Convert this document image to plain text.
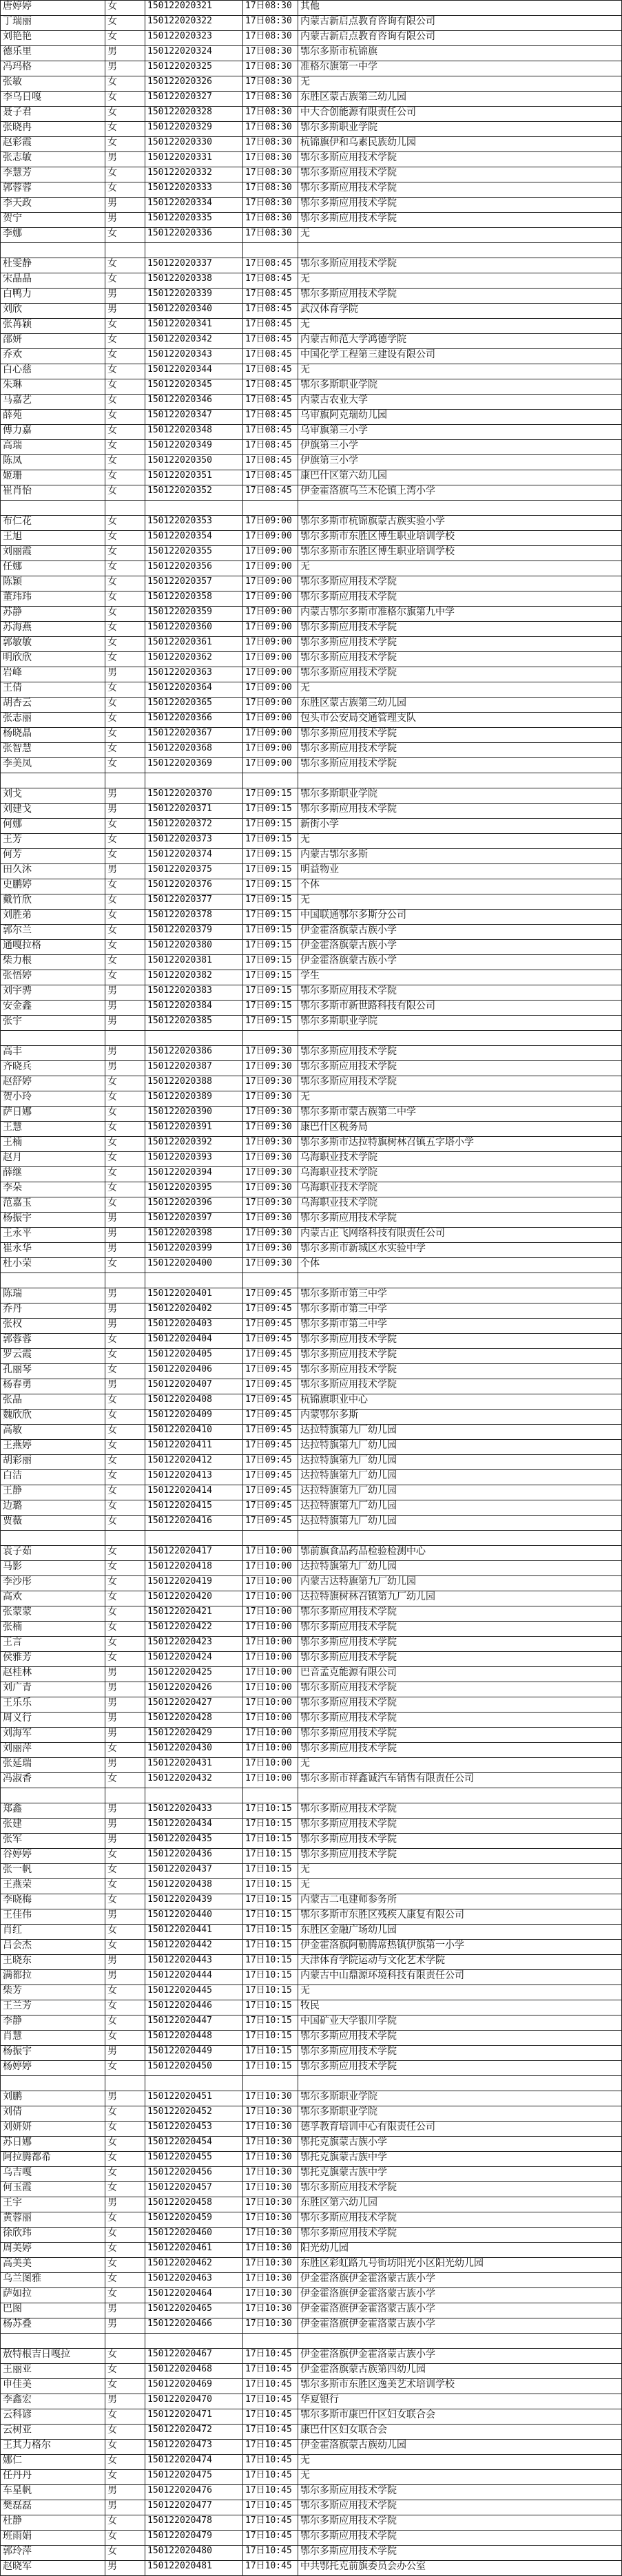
唐婷婷	女	150122020321	17日08:30 其他
丁瑞丽	女	150122020322	17日08:30 内蒙古新启点教育咨询有限公司
刘艳艳	女	150122020323	17日08:30 内蒙古新启点教育咨询有限公司
德乐里	男	150122020324	17日08:30 鄂尔多斯市杭锦旗
冯玛格	男	150122020325	17日08:30 准格尔旗第一中学
张敏	女	150122020326	17日08:30 无
李乌日嘎	女	150122020327	17日08:30 东胜区蒙古族第三幼儿园
聂子君	女	150122020328	17日08:30 中大合创能源有限责任公司
张晓冉	女	150122020329	17日08:30 鄂尔多斯职业学院
赵彩霞	女	150122020330	17日08:30 杭锦旗伊和乌素民族幼儿园
张志敏	男	150122020331	17日08:30 鄂尔多斯应用技术学院
李慧芳	女	150122020332	17日08:30 鄂尔多斯应用技术学院
郭蓉蓉	女	150122020333	17日08:30 鄂尔多斯应用技术学院
李天政	男	150122020334	17日08:30 鄂尔多斯应用技术学院
贺宁	男	150122020335	17日08:30 鄂尔多斯应用技术学院
李娜	女	150122020336	17日08:30 无
杜雯静	女	150122020337	17日08:45 鄂尔多斯应用技术学院
宋晶晶	女	150122020338	17日08:45 无
白鸭力	男	150122020339	17日08:45 鄂尔多斯应用技术学院
刘欣	男	150122020340	17日08:45 武汉体育学院
张苒颖	女	150122020341	17日08:45 无
邵妍	女	150122020342	17日08:45 内蒙古师范大学鸿德学院
乔欢	女	150122020343	17日08:45 中国化学工程第三建设有限公司
白心慈	女	150122020344	17日08:45 无
朱琳	女	150122020345	17日08:45 鄂尔多斯职业学院
马嘉艺	女	150122020346	17日08:45 内蒙古农业大学
薛苑	女	150122020347	17日08:45 乌审旗阿克瑞幼儿园
傅力嘉	女	150122020348	17日08:45 乌审旗第三小学
高瑞	女	150122020349	17日08:45 伊旗第三小学
陈凤	女	150122020350	17日08:45 伊旗第三小学
姬珊	女	150122020351	17日08:45 康巴什区第六幼儿园
崔肖怡	女	150122020352	17日08:45 伊金霍洛旗乌兰木伦镇上湾小学
布仁花	女	150122020353	17日09:00 鄂尔多斯市杭锦旗蒙古族实验小学
王旭	女	150122020354	17日09:00 鄂尔多斯市东胜区博生职业培训学校
刘丽霞	女	150122020355	17日09:00 鄂尔多斯市东胜区博生职业培训学校
任娜	女	150122020356	17日09:00 无
陈颖	女	150122020357	17日09:00 鄂尔多斯应用技术学院
董玮玮	女	150122020358	17日09:00 鄂尔多斯应用技术学院
苏静	女	150122020359	17日09:00 内蒙古鄂尔多斯市准格尔旗第九中学
苏海燕	女	150122020360	17日09:00 鄂尔多斯应用技术学院
郭敏敏	女	150122020361	17日09:00 鄂尔多斯应用技术学院
明欣欣	女	150122020362	17日09:00 鄂尔多斯应用技术学院
岩峰	男	150122020363	17日09:00 鄂尔多斯应用技术学院
王倩	女	150122020364	17日09:00 无
胡杏云	女	150122020365	17日09:00 东胜区蒙古族第三幼儿园
张志丽	女	150122020366	17日09:00 包头市公安局交通管理支队
杨晓晶	女	150122020367	17日09:00 鄂尔多斯应用技术学院
张智慧	女	150122020368	17日09:00 鄂尔多斯应用技术学院
李美凤	女	150122020369	17日09:00 鄂尔多斯应用技术学院
刘戈	男	150122020370	17日09:15 鄂尔多斯职业学院
刘建戈	男	150122020371	17日09:15 鄂尔多斯应用技术学院
何娜	女	150122020372	17日09:15 新街小学
王芳	女	150122020373	17日09:15 无
何芳	女	150122020374	17日09:15 内蒙古鄂尔多斯
田久沐	男	150122020375	17日09:15 明益物业
史鹏婷	女	150122020376	17日09:15 个体
戴竹欣	女	150122020377	17日09:15 无
刘胜弟	女	150122020378	17日09:15 中国联通鄂尔多斯分公司
郭尔兰	女	150122020379	17日09:15 伊金霍洛旗蒙古族小学
通嘎拉格	女	150122020380	17日09:15 伊金霍洛旗蒙古族小学
柴力根	女	150122020381	17日09:15 伊金霍洛旗蒙古族小学
张悟婷	女	150122020382	17日09:15 学生
刘宇骋	男	150122020383	17日09:15 鄂尔多斯应用技术学院
安金鑫	男	150122020384	17日09:15 鄂尔多斯市新世路科技有限公司
张宇	男	150122020385	17日09:15 鄂尔多斯职业学院
高丰	男	150122020386	17日09:30 鄂尔多斯应用技术学院
齐晓兵	男	150122020387	17日09:30 鄂尔多斯应用技术学院
赵舒婷	女	150122020388	17日09:30 鄂尔多斯应用技术学院
贺小玲	女	150122020389	17日09:30 无
萨日娜	女	150122020390	17日09:30 鄂尔多斯市蒙古族第二中学
王慧	女	150122020391	17日09:30 康巴什区税务局
王楠	女	150122020392	17日09:30 鄂尔多斯市达拉特旗树林召镇五字塔小学
赵月	女	150122020393	17日09:30 乌海职业技术学院
薛继	女	150122020394	17日09:30 乌海职业技术学院
李朵	女	150122020395	17日09:30 乌海职业技术学院
范嘉玉	女	150122020396	17日09:30 乌海职业技术学院
杨振宇	男	150122020397	17日09:30 鄂尔多斯应用技术学院
王永平	男	150122020398	17日09:30 内蒙古正飞网络科技有限责任公司
崔永华	男	150122020399	17日09:30 鄂尔多斯市新城区水实验中学
杜小荣	女	150122020400	17日09:30 个体
陈瑞	男	150122020401	17日09:45 鄂尔多斯市第三中学
乔丹	男	150122020402	17日09:45 鄂尔多斯市第三中学
张权	男	150122020403	17日09:45 鄂尔多斯市第三中学
郭蓉蓉	女	150122020404	17日09:45 鄂尔多斯应用技术学院
罗云霞	女	150122020405	17日09:45 鄂尔多斯应用技术学院
孔丽琴	女	150122020406	17日09:45 鄂尔多斯应用技术学院
杨春勇	男	150122020407	17日09:45 鄂尔多斯应用技术学院
张晶	女	150122020408	17日09:45 杭锦旗职业中心
魏欣欣	女	150122020409	17日09:45 内蒙鄂尔多斯
高敏	女	150122020410	17日09:45 达拉特旗第九厂幼儿园
王燕婷	女	150122020411	17日09:45 达拉特旗第九厂幼儿园
胡彩丽	女	150122020412	17日09:45 达拉特旗第九厂幼儿园
白洁	女	150122020413	17日09:45 达拉特旗第九厂幼儿园
王静	女	150122020414	17日09:45 达拉特旗第九厂幼儿园
边璐	女	150122020415	17日09:45 达拉特旗第九厂幼儿园
贾薇	女	150122020416	17日09:45 达拉特旗第九厂幼儿园
袁子茹	女	150122020417	17日10:00 鄂前旗食品药品检验检测中心
马影	女	150122020418	17日10:00 达拉特旗第九厂幼儿园
李沙彤	女	150122020419	17日10:00 内蒙古达特旗第九厂幼儿园
高欢	女	150122020420	17日10:00 达拉特旗树林召镇第九厂幼儿园
张蒙蒙	女	150122020421	17日10:00 鄂尔多斯应用技术学院
张楠	女	150122020422	17日10:00 鄂尔多斯应用技术学院
王言	女	150122020423	17日10:00 鄂尔多斯应用技术学院
侯雅芳	女	150122020424	17日10:00 鄂尔多斯应用技术学院
赵桂林	男	150122020425	17日10:00 巴音孟克能源有限公司
刘广青	男	150122020426	17日10:00 鄂尔多斯应用技术学院
王乐乐	男	150122020427	17日10:00 鄂尔多斯应用技术学院
周义行	男	150122020428	17日10:00 鄂尔多斯应用技术学院
刘海军	男	150122020429	17日10:00 鄂尔多斯应用技术学院
刘丽萍	女	150122020430	17日10:00 鄂尔多斯应用技术学院
张延瑞	男	150122020431	17日10:00 无
冯淑香	女	150122020432	17日10:00 鄂尔多斯市祥鑫诚汽车销售有限责任公司
郑鑫	男	150122020433	17日10:15 鄂尔多斯应用技术学院
张建	男	150122020434	17日10:15 鄂尔多斯应用技术学院
张军	男	150122020435	17日10:15 鄂尔多斯应用技术学院
谷婷婷	女	150122020436	17日10:15 鄂尔多斯应用技术学院
张一帆	女	150122020437	17日10:15 无
王燕荣	女	150122020438	17日10:15 无
李晓梅	女	150122020439	17日10:15 内蒙古二电建师参务所
王佳伟	男	150122020440	17日10:15 鄂尔多斯市东胜区残疾人康复有限公司
肖红	女	150122020441	17日10:15 东胜区金融广场幼儿园
吕会杰	女	150122020442	17日10:15 伊金霍洛旗阿勒腾席热镇伊旗第一小学
王晓东	男	150122020443	17日10:15 天津体育学院运动与文化艺术学院
满都拉	男	150122020444	17日10:15 内蒙古中山鼎源环境科技有限责任公司
柴芳	女	150122020445	17日10:15 无
王兰芳	女	150122020446	17日10:15 牧民
李静	女	150122020447	17日10:15 中国矿业大学银川学院
肖慧	女	150122020448	17日10:15 鄂尔多斯应用技术学院
杨振宇	男	150122020449	17日10:15 鄂尔多斯应用技术学院
杨婷婷	女	150122020450	17日10:15 鄂尔多斯应用技术学院
刘鹏	男	150122020451	17日10:30 鄂尔多斯职业学院
刘倩	女	150122020452	17日10:30 鄂尔多斯职业学院
刘妍妍	女	150122020453	17日10:30 德孚教育培训中心有限责任公司
苏日娜	女	150122020454	17日10:30 鄂托克旗蒙古族小学
阿拉腾都希	女	150122020455	17日10:30 鄂托克旗蒙古族中学
乌吉嘎	女	150122020456	17日10:30 鄂托克旗蒙古族中学
何玉霞	女	150122020457	17日10:30 鄂尔多斯应用技术学院
王宇	男	150122020458	17日10:30 东胜区第六幼儿园
黄蓉丽	女	150122020459	17日10:30 鄂尔多斯应用技术学院
徐欣玮	女	150122020460	17日10:30 鄂尔多斯应用技术学院
周美婷	女	150122020461	17日10:30 阳光幼儿园
高美美	女	150122020462	17日10:30 东胜区彩虹路九号街坊阳光小区阳光幼儿园
乌兰图雅	女	150122020463	17日10:30 伊金霍洛旗伊金霍洛蒙古族小学
萨如拉	女	150122020464	17日10:30 伊金霍洛旗伊金霍洛蒙古族小学
巴图	男	150122020465	17日10:30 伊金霍洛旗伊金霍洛蒙古族小学
杨苏叠	男	150122020466	17日10:30 伊金霍洛旗伊金霍洛蒙古族小学
敖特根吉日嘎拉	女	150122020467	17日10:45 伊金霍洛旗伊金霍洛蒙古族小学
王丽亚	女	150122020468	17日10:45 伊金霍洛旗蒙古族第四幼儿园
申佳美	女	150122020469	17日10:45 鄂尔多斯市东胜区逸美艺术培训学校
李鑫宏	男	150122020470	17日10:45 华夏银行
云科谚	女	150122020471	17日10:45 鄂尔多斯市康巴什区妇女联合会
云树亚	女	150122020472	17日10:45 康巴什区妇女联合会
王其力格尔	女	150122020473	17日10:45 伊金霍洛旗蒙古族幼儿园
娜仁	女	150122020474	17日10:45 无
任丹丹	女	150122020475	17日10:45 无
车星帆	男	150122020476	17日10:45 鄂尔多斯应用技术学院
樊磊磊	男	150122020477	17日10:45 鄂尔多斯应用技术学院
杜静	女	150122020478	17日10:45 鄂尔多斯应用技术学院
班雨娟	女	150122020479	17日10:45 鄂尔多斯应用技术学院
郭玲萍	女	150122020480	17日10:45 鄂尔多斯应用技术学院
赵晓军	男	150122020481	17日10:45 中共鄂托克前旗委员会办公室
